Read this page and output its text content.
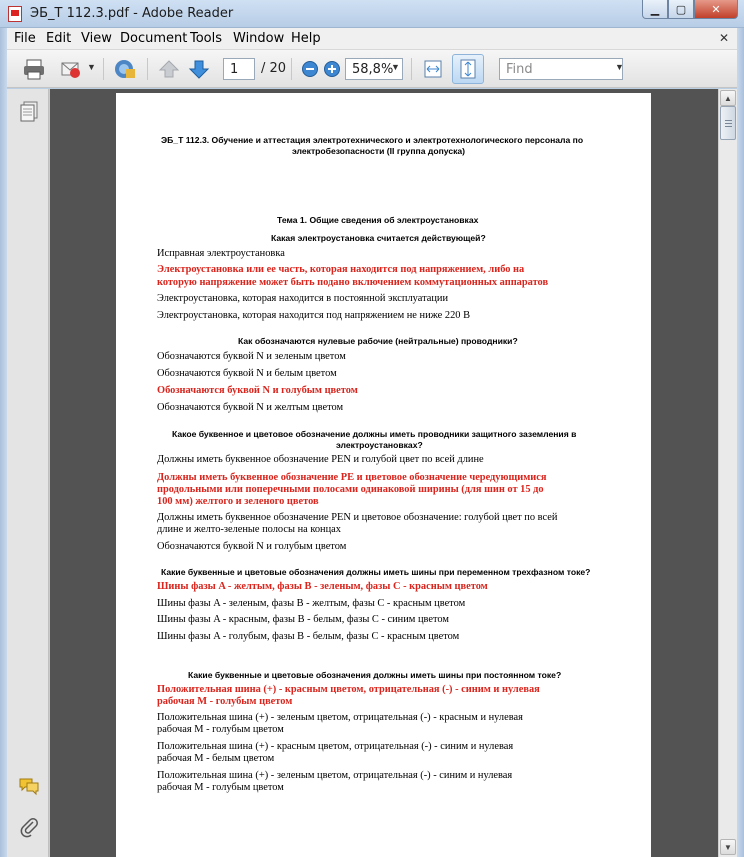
ЭБ_Т 112.3.pdf - Adobe Reader	▁	▢	✕
File Edit View Document Tools Window Help	✕
▼	1	/ 20	58,8%
▼	Find	▼
ЭБ_Т 112.3. Обучение и аттестация электротехнического и электротехнологического персонала по
электробезопасности (II группа допуска)
Тема 1. Общие сведения об электроустановках
Какая электроустановка считается действующей?
Исправная электроустановка
Электроустановка или ее часть, которая находится под напряжением, либо на
которую напряжение может быть подано включением коммутационных аппаратов
Электроустановка, которая находится в постоянной эксплуатации
Электроустановка, которая находится под напряжением не ниже 220 В
Как обозначаются нулевые рабочие (нейтральные) проводники?
Обозначаются буквой N и зеленым цветом
Обозначаются буквой N и белым цветом
Обозначаются буквой N и голубым цветом
Обозначаются буквой N и желтым цветом
Какое буквенное и цветовое обозначение должны иметь проводники защитного заземления в
электроустановках?
Должны иметь буквенное обозначение PEN и голубой цвет по всей длине
Должны иметь буквенное обозначение PE и цветовое обозначение чередующимися
продольными или поперечными полосами одинаковой ширины (для шин от 15 до
100 мм) желтого и зеленого цветов
Должны иметь буквенное обозначение PEN и цветовое обозначение: голубой цвет по всей
длине и желто-зеленые полосы на концах
Обозначаются буквой N и голубым цветом
Какие буквенные и цветовые обозначения должны иметь шины при переменном трехфазном токе?
Шины фазы A - желтым, фазы B - зеленым, фазы C - красным цветом
Шины фазы A - зеленым, фазы B - желтым, фазы C - красным цветом
Шины фазы A - красным, фазы B - белым, фазы C - синим цветом
Шины фазы A - голубым, фазы B - белым, фазы C - красным цветом
Какие буквенные и цветовые обозначения должны иметь шины при постоянном токе?
Положительная шина (+) - красным цветом, отрицательная (-) - синим и нулевая
рабочая M - голубым цветом
Положительная шина (+) - зеленым цветом, отрицательная (-) - красным и нулевая
рабочая M - голубым цветом
Положительная шина (+) - красным цветом, отрицательная (-) - синим и нулевая
рабочая M - белым цветом
Положительная шина (+) - зеленым цветом, отрицательная (-) - синим и нулевая
рабочая M - голубым цветом
▲
▼
